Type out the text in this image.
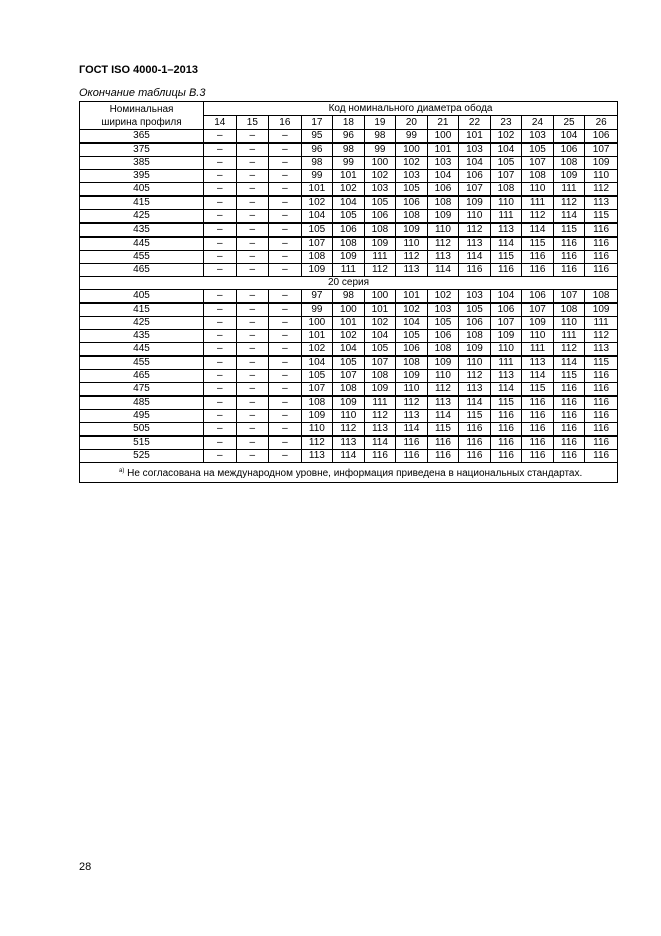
ГОСТ ISO 4000-1–2013
Окончание таблицы В.3
Номинальная
ширина профиля	Код номинального диаметра обода												
	14	15	16	17	18	19	20	21	22	23	24	25	26
365	–	–	–	95	96	98	99	100	101	102	103	104	106
375	–	–	–	96	98	99	100	101	103	104	105	106	107
385	–	–	–	98	99	100	102	103	104	105	107	108	109
395	–	–	–	99	101	102	103	104	106	107	108	109	110
405	–	–	–	101	102	103	105	106	107	108	110	111	112
415	–	–	–	102	104	105	106	108	109	110	111	112	113
425	–	–	–	104	105	106	108	109	110	111	112	114	115
435	–	–	–	105	106	108	109	110	112	113	114	115	116
445	–	–	–	107	108	109	110	112	113	114	115	116	116
455	–	–	–	108	109	111	112	113	114	115	116	116	116
465	–	–	–	109	111	112	113	114	116	116	116	116	116
20 серия													
405	–	–	–	97	98	100	101	102	103	104	106	107	108
415	–	–	–	99	100	101	102	103	105	106	107	108	109
425	–	–	–	100	101	102	104	105	106	107	109	110	111
435	–	–	–	101	102	104	105	106	108	109	110	111	112
445	–	–	–	102	104	105	106	108	109	110	111	112	113
455	–	–	–	104	105	107	108	109	110	111	113	114	115
465	–	–	–	105	107	108	109	110	112	113	114	115	116
475	–	–	–	107	108	109	110	112	113	114	115	116	116
485	–	–	–	108	109	111	112	113	114	115	116	116	116
495	–	–	–	109	110	112	113	114	115	116	116	116	116
505	–	–	–	110	112	113	114	115	116	116	116	116	116
515	–	–	–	112	113	114	116	116	116	116	116	116	116
525	–	–	–	113	114	116	116	116	116	116	116	116	116
$^{а)}$ Не согласована на международном уровне, информация приведена в национальных стандартах.													
28
